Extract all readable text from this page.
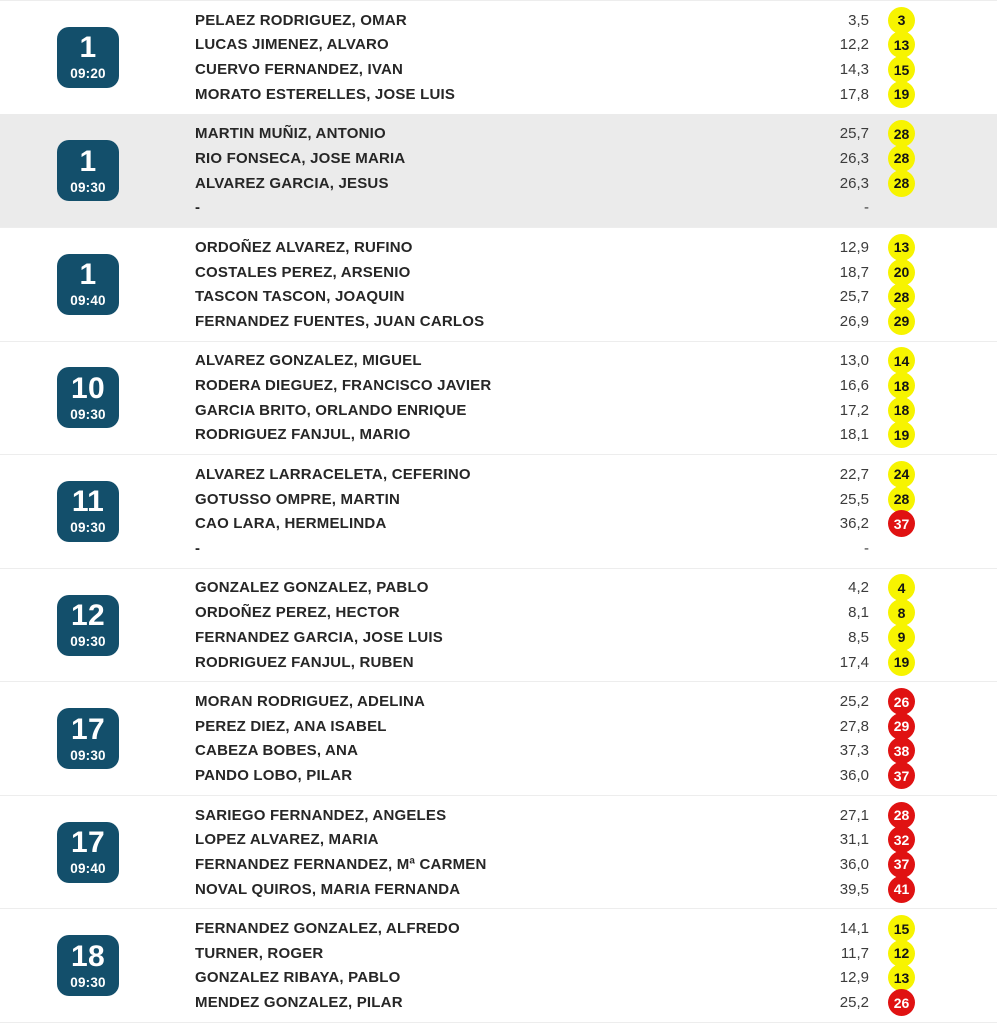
1
09:20
PELAEZ RODRIGUEZ, OMAR	3,5	3
LUCAS JIMENEZ, ALVARO	12,2	13
CUERVO FERNANDEZ, IVAN	14,3	15
MORATO ESTERELLES, JOSE LUIS	17,8	19
1
09:30
MARTIN MUÑIZ, ANTONIO	25,7	28
RIO FONSECA, JOSE MARIA	26,3	28
ALVAREZ GARCIA, JESUS	26,3	28
-	-
1
09:40
ORDOÑEZ ALVAREZ, RUFINO	12,9	13
COSTALES PEREZ, ARSENIO	18,7	20
TASCON TASCON, JOAQUIN	25,7	28
FERNANDEZ FUENTES, JUAN CARLOS	26,9	29
10
09:30
ALVAREZ GONZALEZ, MIGUEL	13,0	14
RODERA DIEGUEZ, FRANCISCO JAVIER	16,6	18
GARCIA BRITO, ORLANDO ENRIQUE	17,2	18
RODRIGUEZ FANJUL, MARIO	18,1	19
11
09:30
ALVAREZ LARRACELETA, CEFERINO	22,7	24
GOTUSSO OMPRE, MARTIN	25,5	28
CAO LARA, HERMELINDA	36,2	37
-	-
12
09:30
GONZALEZ GONZALEZ, PABLO	4,2	4
ORDOÑEZ PEREZ, HECTOR	8,1	8
FERNANDEZ GARCIA, JOSE LUIS	8,5	9
RODRIGUEZ FANJUL, RUBEN	17,4	19
17
09:30
MORAN RODRIGUEZ, ADELINA	25,2	26
PEREZ DIEZ, ANA ISABEL	27,8	29
CABEZA BOBES, ANA	37,3	38
PANDO LOBO, PILAR	36,0	37
17
09:40
SARIEGO FERNANDEZ, ANGELES	27,1	28
LOPEZ ALVAREZ, MARIA	31,1	32
FERNANDEZ FERNANDEZ, Mª CARMEN	36,0	37
NOVAL QUIROS, MARIA FERNANDA	39,5	41
18
09:30
FERNANDEZ GONZALEZ, ALFREDO	14,1	15
TURNER, ROGER	11,7	12
GONZALEZ RIBAYA, PABLO	12,9	13
MENDEZ GONZALEZ, PILAR	25,2	26
